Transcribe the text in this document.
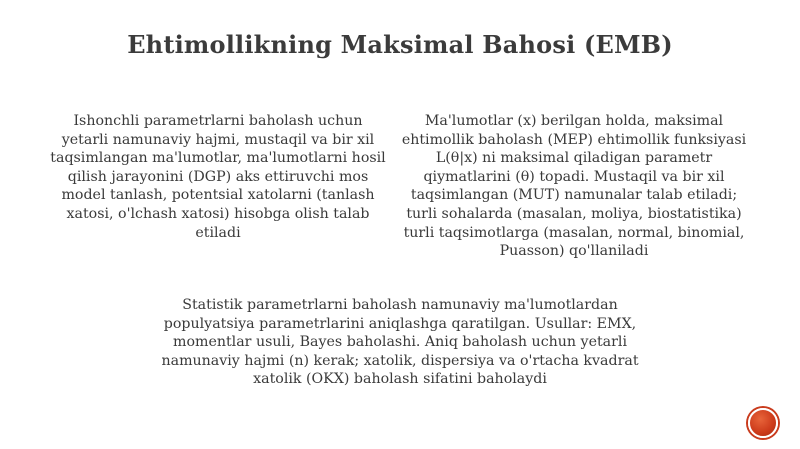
Ehtimollikning Maksimal Bahosi (EMB)
Ishonchli parametrlarni baholash uchun yetarli namunaviy hajmi, mustaqil va bir xil taqsimlangan ma'lumotlar, ma'lumotlarni hosil qilish jarayonini (DGP) aks ettiruvchi mos model tanlash, potentsial xatolarni (tanlash xatosi, o'lchash xatosi) hisobga olish talab etiladi
Ma'lumotlar (x) berilgan holda, maksimal ehtimollik baholash (MEP) ehtimollik funksiyasi L(θ|x) ni maksimal qiladigan parametr qiymatlarini (θ) topadi. Mustaqil va bir xil taqsimlangan (MUT) namunalar talab etiladi; turli sohalarda (masalan, moliya, biostatistika) turli taqsimotlarga (masalan, normal, binomial, Puasson) qo'llaniladi
Statistik parametrlarni baholash namunaviy ma'lumotlardan populyatsiya parametrlarini aniqlashga qaratilgan. Usullar: EMX, momentlar usuli, Bayes baholashi. Aniq baholash uchun yetarli namunaviy hajmi (n) kerak; xatolik, dispersiya va o'rtacha kvadrat xatolik (OKX) baholash sifatini baholaydi
